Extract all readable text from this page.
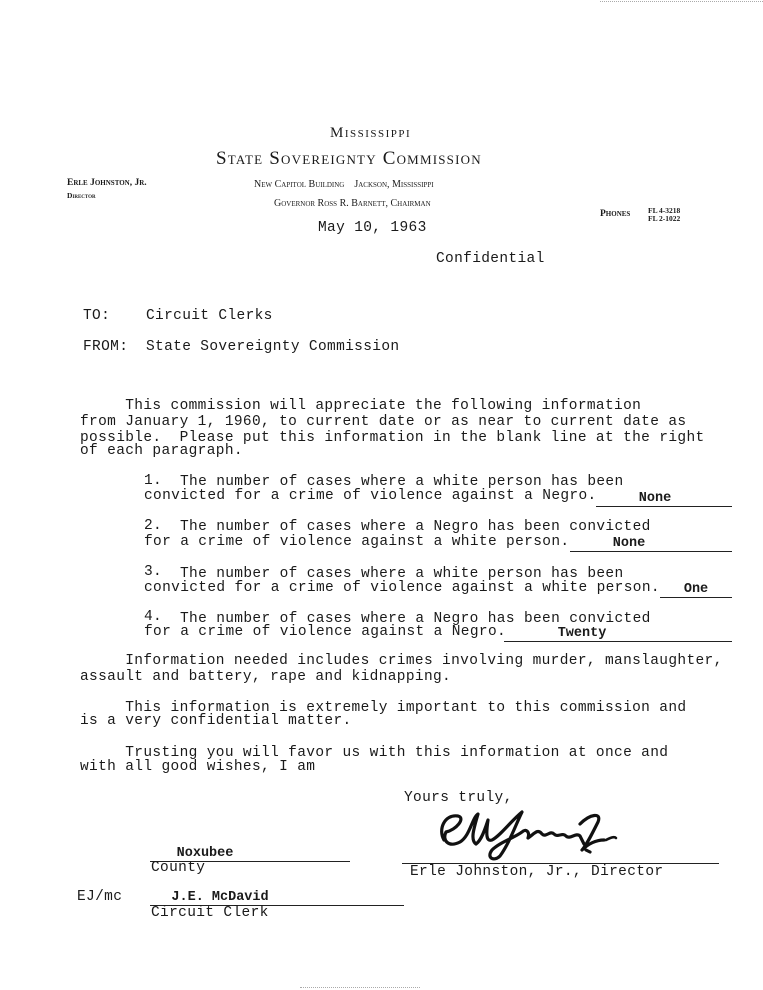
Mississippi
State Sovereignty Commission
Erle Johnston, Jr.
Director
New Capitol Building    Jackson, Mississippi
Governor Ross R. Barnett, Chairman
Phones FL 4-3218
FL 2-1022
May 10, 1963
Confidential
TO: Circuit Clerks
FROM: State Sovereignty Commission
This commission will appreciate the following information
from January 1, 1960, to current date or as near to current date as
possible.  Please put this information in the blank line at the right
of each paragraph.
1. The number of cases where a white person has been
convicted for a crime of violence against a Negro.	None
2. The number of cases where a Negro has been convicted
for a crime of violence against a white person.	None
3. The number of cases where a white person has been
convicted for a crime of violence against a white person.	One
4. The number of cases where a Negro has been convicted
for a crime of violence against a Negro.	Twenty
Information needed includes crimes involving murder, manslaughter,
assault and battery, rape and kidnapping.
This information is extremely important to this commission and
is a very confidential matter.
Trusting you will favor us with this information at once and
with all good wishes, I am
Yours truly,
Erle Johnston, Jr., Director
Noxubee
County
EJ/mc	J.E. McDavid
Circuit Clerk
